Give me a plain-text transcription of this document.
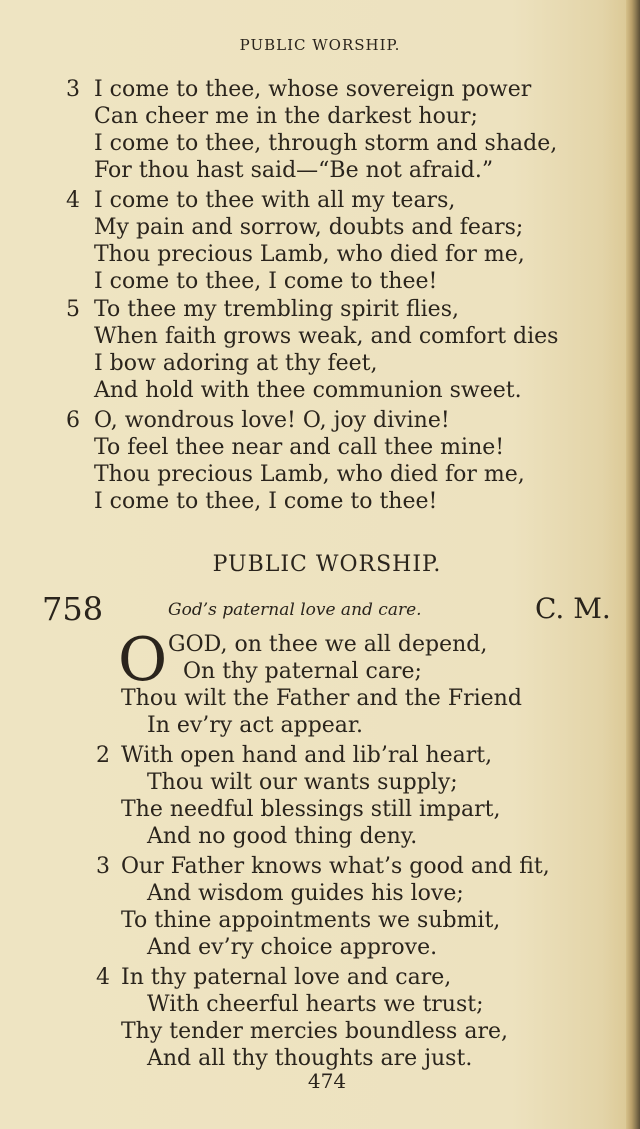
PUBLIC WORSHIP.
3 I come to thee, whose sovereign power
Can cheer me in the darkest hour;
I come to thee, through storm and shade,
For thou hast said—“Be not afraid.”
4 I come to thee with all my tears,
My pain and sorrow, doubts and fears;
Thou precious Lamb, who died for me,
I come to thee, I come to thee!
5 To thee my trembling spirit flies,
When faith grows weak, and comfort dies
I bow adoring at thy feet,
And hold with thee communion sweet.
6 O, wondrous love! O, joy divine!
To feel thee near and call thee mine!
Thou precious Lamb, who died for me,
I come to thee, I come to thee!
PUBLIC WORSHIP.
758	God’s paternal love and care.	C. M.
O GOD, on thee we all depend,
On thy paternal care;
Thou wilt the Father and the Friend
In ev’ry act appear.
2 With open hand and lib’ral heart,
Thou wilt our wants supply;
The needful blessings still impart,
And no good thing deny.
3 Our Father knows what’s good and fit,
And wisdom guides his love;
To thine appointments we submit,
And ev’ry choice approve.
4 In thy paternal love and care,
With cheerful hearts we trust;
Thy tender mercies boundless are,
And all thy thoughts are just.
474
